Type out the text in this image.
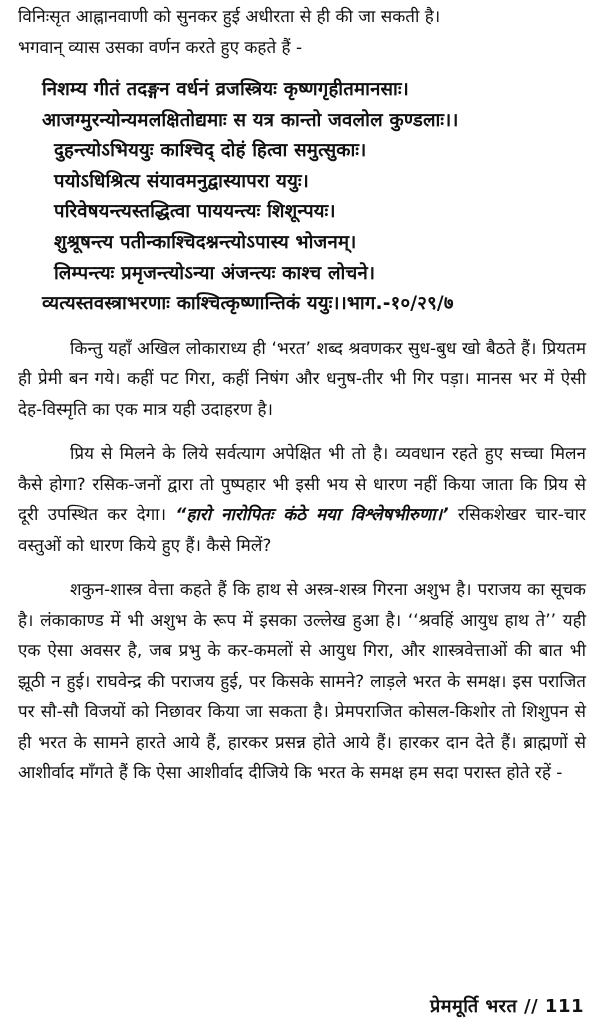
विनिःसृत आह्नानवाणी को सुनकर हुई अधीरता से ही की जा सकती है।
भगवान् व्यास उसका वर्णन करते हुए कहते हैं -

निशम्य गीतं तदङ्गन वर्धनं व्रजस्त्रियः कृष्णगृहीतमानसाः।
आजग्मुरन्योन्यमलक्षितोद्यमाः स यत्र कान्तो जवलोल कुण्डलाः।।
दुहन्त्योऽभिययुः काश्चिद् दोहं हित्वा समुत्सुकाः।
पयोऽधिश्रित्य संयावमनुद्वास्यापरा ययुः।
परिवेषयन्त्यस्तद्धित्वा पाययन्त्यः शिशून्पयः।
शुश्रूषन्त्य पतीन्काश्चिदश्नन्त्योऽपास्य भोजनम्।
लिम्पन्त्यः प्रमृजन्त्योऽन्या अंजन्त्यः काश्च लोचने।
व्यत्यस्तवस्त्राभरणाः काश्चित्कृष्णान्तिकं ययुः।।भाग.-१०/२९/७

किन्तु यहाँ अखिल लोकाराध्य ही ‘भरत’ शब्द श्रवणकर सुध-बुध खो बैठते हैं। प्रियतम ही प्रेमी बन गये। कहीं पट गिरा, कहीं निषंग और धनुष-तीर भी गिर पड़ा। मानस भर में ऐसी देह-विस्मृति का एक मात्र यही उदाहरण है।

प्रिय से मिलने के लिये सर्वत्याग अपेक्षित भी तो है। व्यवधान रहते हुए सच्चा मिलन कैसे होगा? रसिक-जनों द्वारा तो पुष्पहार भी इसी भय से धारण नहीं किया जाता कि प्रिय से दूरी उपस्थित कर देगा। “हारो नारोपितः कंठे मया विश्लेषभीरुणा।’ रसिकशेखर चार-चार वस्तुओं को धारण किये हुए हैं। कैसे मिलें?

शकुन-शास्त्र वेत्ता कहते हैं कि हाथ से अस्त्र-शस्त्र गिरना अशुभ है। पराजय का सूचक है। लंकाकाण्ड में भी अशुभ के रूप में इसका उल्लेख हुआ है। ‘‘श्रवहिं आयुध हाथ ते’’ यही एक ऐसा अवसर है, जब प्रभु के कर-कमलों से आयुध गिरा, और शास्त्रवेत्ताओं की बात भी झूठी न हुई। राघवेन्द्र की पराजय हुई, पर किसके सामने? लाड़ले भरत के समक्ष। इस पराजित पर सौ-सौ विजयों को निछावर किया जा सकता है। प्रेमपराजित कोसल-किशोर तो शिशुपन से ही भरत के सामने हारते आये हैं, हारकर प्रसन्न होते आये हैं। हारकर दान देते हैं। ब्राह्मणों से आशीर्वाद माँगते हैं कि ऐसा आशीर्वाद दीजिये कि भरत के समक्ष हम सदा परास्त होते रहें -

प्रेममूर्ति भरत // 111
